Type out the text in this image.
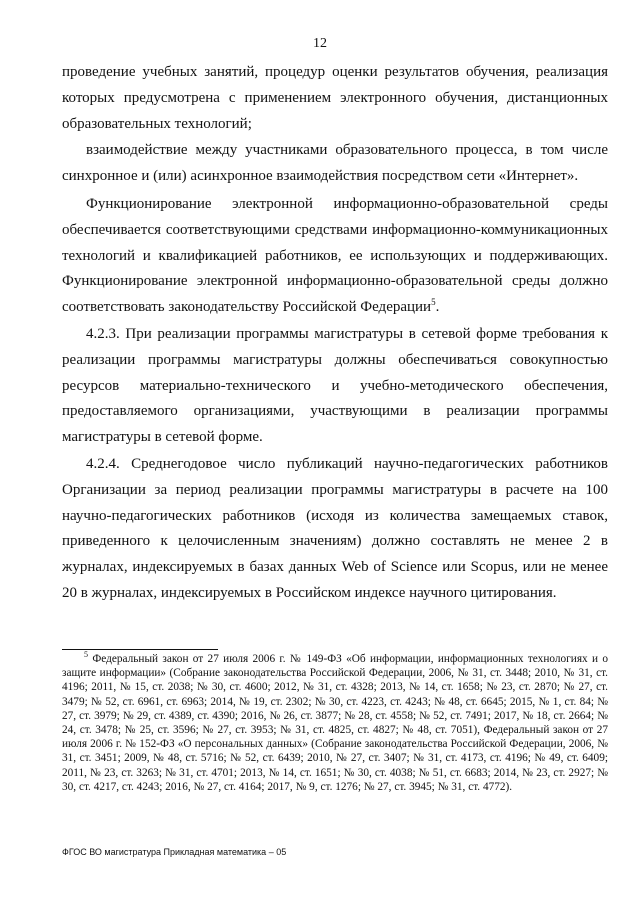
12

проведение учебных занятий, процедур оценки результатов обучения, реализация которых предусмотрена с применением электронного обучения, дистанционных образовательных технологий;

взаимодействие между участниками образовательного процесса, в том числе синхронное и (или) асинхронное взаимодействия посредством сети «Интернет».

Функционирование электронной информационно-образовательной среды обеспечивается соответствующими средствами информационно-коммуникационных технологий и квалификацией работников, ее использующих и поддерживающих. Функционирование электронной информационно-образовательной среды должно соответствовать законодательству Российской Федерации$^5$.

4.2.3. При реализации программы магистратуры в сетевой форме требования к реализации программы магистратуры должны обеспечиваться совокупностью ресурсов материально-технического и учебно-методического обеспечения, предоставляемого организациями, участвующими в реализации программы магистратуры в сетевой форме.

4.2.4. Среднегодовое число публикаций научно-педагогических работников Организации за период реализации программы магистратуры в расчете на 100 научно-педагогических работников (исходя из количества замещаемых ставок, приведенного к целочисленным значениям) должно составлять не менее 2 в журналах, индексируемых в базах данных Web of Science или Scopus, или не менее 20 в журналах, индексируемых в Российском индексе научного цитирования.

$^5$ Федеральный закон от 27 июля 2006 г. № 149-ФЗ «Об информации, информационных технологиях и о защите информации» (Собрание законодательства Российской Федерации, 2006, № 31, ст. 3448; 2010, № 31, ст. 4196; 2011, № 15, ст. 2038; № 30, ст. 4600; 2012, № 31, ст. 4328; 2013, № 14, ст. 1658; № 23, ст. 2870; № 27, ст. 3479; № 52, ст. 6961, ст. 6963; 2014, № 19, ст. 2302; № 30, ст. 4223, ст. 4243; № 48, ст. 6645; 2015, № 1, ст. 84; № 27, ст. 3979; № 29, ст. 4389, ст. 4390; 2016, № 26, ст. 3877; № 28, ст. 4558; № 52, ст. 7491; 2017, № 18, ст. 2664; № 24, ст. 3478; № 25, ст. 3596; № 27, ст. 3953; № 31, ст. 4825, ст. 4827; № 48, ст. 7051), Федеральный закон от 27 июля 2006 г. № 152-ФЗ «О персональных данных» (Собрание законодательства Российской Федерации, 2006, № 31, ст. 3451; 2009, № 48, ст. 5716; № 52, ст. 6439; 2010, № 27, ст. 3407; № 31, ст. 4173, ст. 4196; № 49, ст. 6409; 2011, № 23, ст. 3263; № 31, ст. 4701; 2013, № 14, ст. 1651; № 30, ст. 4038; № 51, ст. 6683; 2014, № 23, ст. 2927; № 30, ст. 4217, ст. 4243; 2016, № 27, ст. 4164; 2017, № 9, ст. 1276; № 27, ст. 3945; № 31, ст. 4772).

ФГОС ВО магистратура Прикладная математика – 05
